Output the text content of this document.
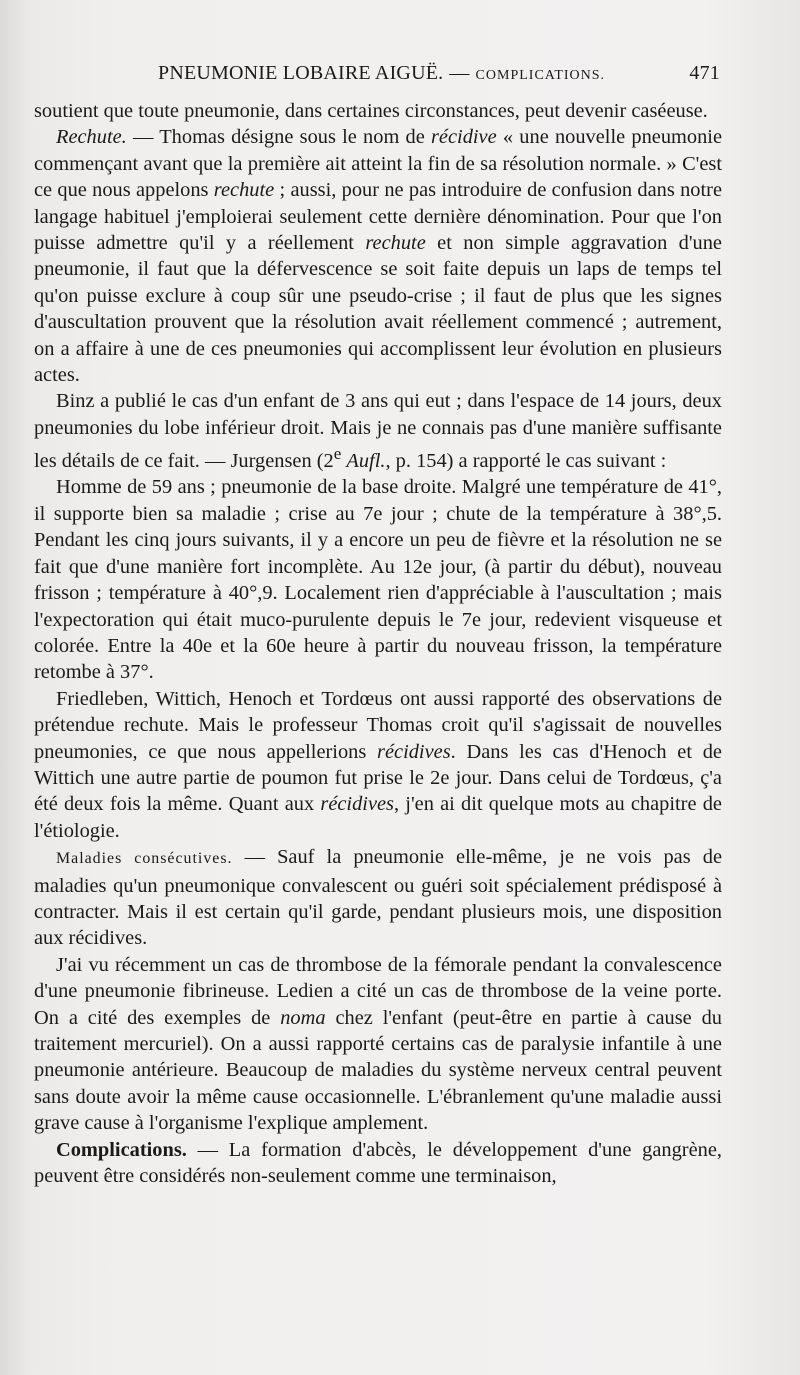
PNEUMONIE LOBAIRE AIGUË. — COMPLICATIONS.	471

soutient que toute pneumonie, dans certaines circonstances, peut devenir caséeuse.

Rechute. — Thomas désigne sous le nom de récidive « une nouvelle pneumonie commençant avant que la première ait atteint la fin de sa résolution normale. » C'est ce que nous appelons rechute ; aussi, pour ne pas introduire de confusion dans notre langage habituel j'emploierai seulement cette dernière dénomination. Pour que l'on puisse admettre qu'il y a réellement rechute et non simple aggravation d'une pneumonie, il faut que la défervescence se soit faite depuis un laps de temps tel qu'on puisse exclure à coup sûr une pseudo-crise ; il faut de plus que les signes d'auscultation prouvent que la résolution avait réellement commencé ; autrement, on a affaire à une de ces pneumonies qui accomplissent leur évolution en plusieurs actes.

Binz a publié le cas d'un enfant de 3 ans qui eut ; dans l'espace de 14 jours, deux pneumonies du lobe inférieur droit. Mais je ne connais pas d'une manière suffisante les détails de ce fait. — Jurgensen (2e Aufl., p. 154) a rapporté le cas suivant :

Homme de 59 ans ; pneumonie de la base droite. Malgré une température de 41°, il supporte bien sa maladie ; crise au 7e jour ; chute de la température à 38°,5. Pendant les cinq jours suivants, il y a encore un peu de fièvre et la résolution ne se fait que d'une manière fort incomplète. Au 12e jour, (à partir du début), nouveau frisson ; température à 40°,9. Localement rien d'appréciable à l'auscultation ; mais l'expectoration qui était muco-purulente depuis le 7e jour, redevient visqueuse et colorée. Entre la 40e et la 60e heure à partir du nouveau frisson, la température retombe à 37°.

Friedleben, Wittich, Henoch et Tordœus ont aussi rapporté des observations de prétendue rechute. Mais le professeur Thomas croit qu'il s'agissait de nouvelles pneumonies, ce que nous appellerions récidives. Dans les cas d'Henoch et de Wittich une autre partie de poumon fut prise le 2e jour. Dans celui de Tordœus, ç'a été deux fois la même. Quant aux récidives, j'en ai dit quelque mots au chapitre de l'étiologie.

Maladies consécutives. — Sauf la pneumonie elle-même, je ne vois pas de maladies qu'un pneumonique convalescent ou guéri soit spécialement prédisposé à contracter. Mais il est certain qu'il garde, pendant plusieurs mois, une disposition aux récidives.

J'ai vu récemment un cas de thrombose de la fémorale pendant la convalescence d'une pneumonie fibrineuse. Ledien a cité un cas de thrombose de la veine porte. On a cité des exemples de noma chez l'enfant (peut-être en partie à cause du traitement mercuriel). On a aussi rapporté certains cas de paralysie infantile à une pneumonie antérieure. Beaucoup de maladies du système nerveux central peuvent sans doute avoir la même cause occasionnelle. L'ébranlement qu'une maladie aussi grave cause à l'organisme l'explique amplement.

Complications. — La formation d'abcès, le développement d'une gangrène, peuvent être considérés non-seulement comme une terminaison,
